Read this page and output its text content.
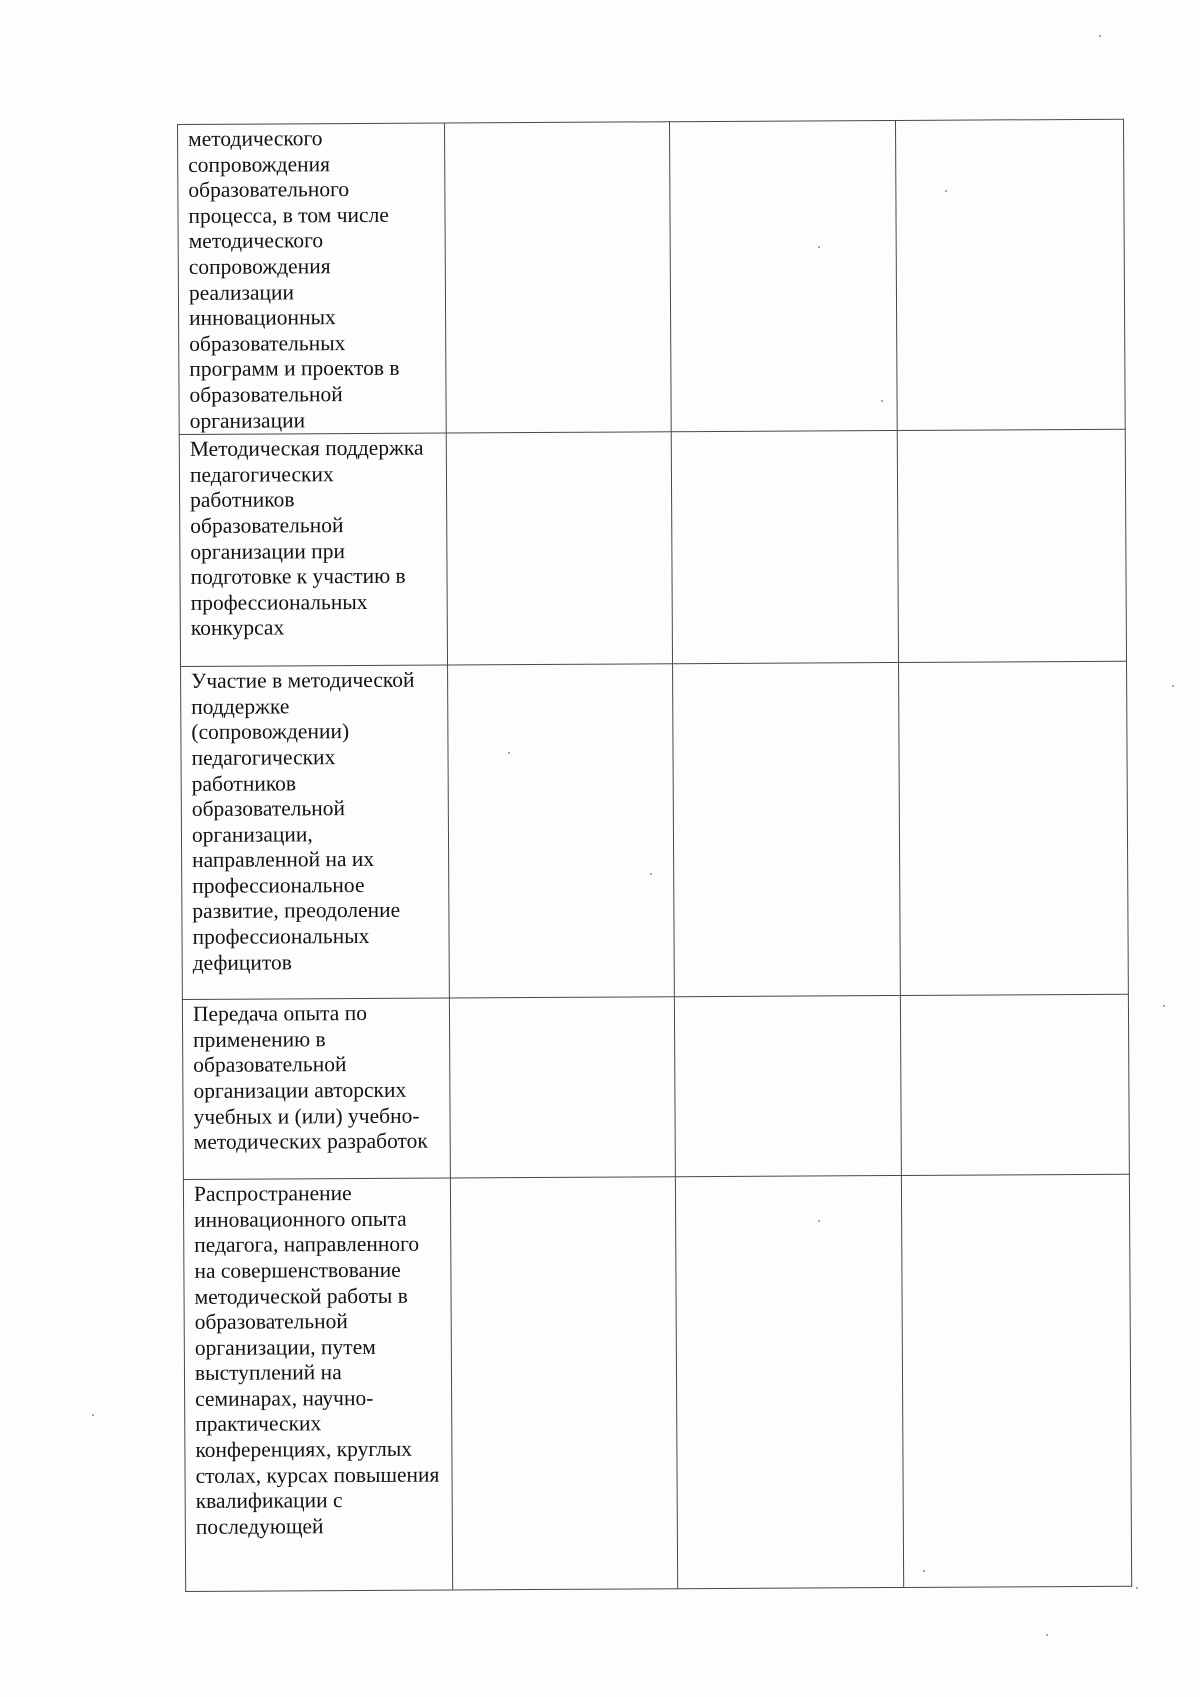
методического сопровождения образовательного процесса, в том числе методического сопровождения реализации инновационных образовательных программ и проектов в образовательной организации			
Методическая поддержка педагогических работников образовательной организации при подготовке к участию в профессиональных конкурсах			
Участие в методической поддержке (сопровождении) педагогических работников образовательной организации, направленной на их профессиональное развитие, преодоление профессиональных дефицитов			
Передача опыта по применению в образовательной организации авторских учебных и (или) учебно-методических разработок			
Распространение инновационного опыта педагога, направленного на совершенствование методической работы в образовательной организации, путем выступлений на семинарах, научно-практических конференциях, круглых столах, курсах повышения квалификации с последующей			
